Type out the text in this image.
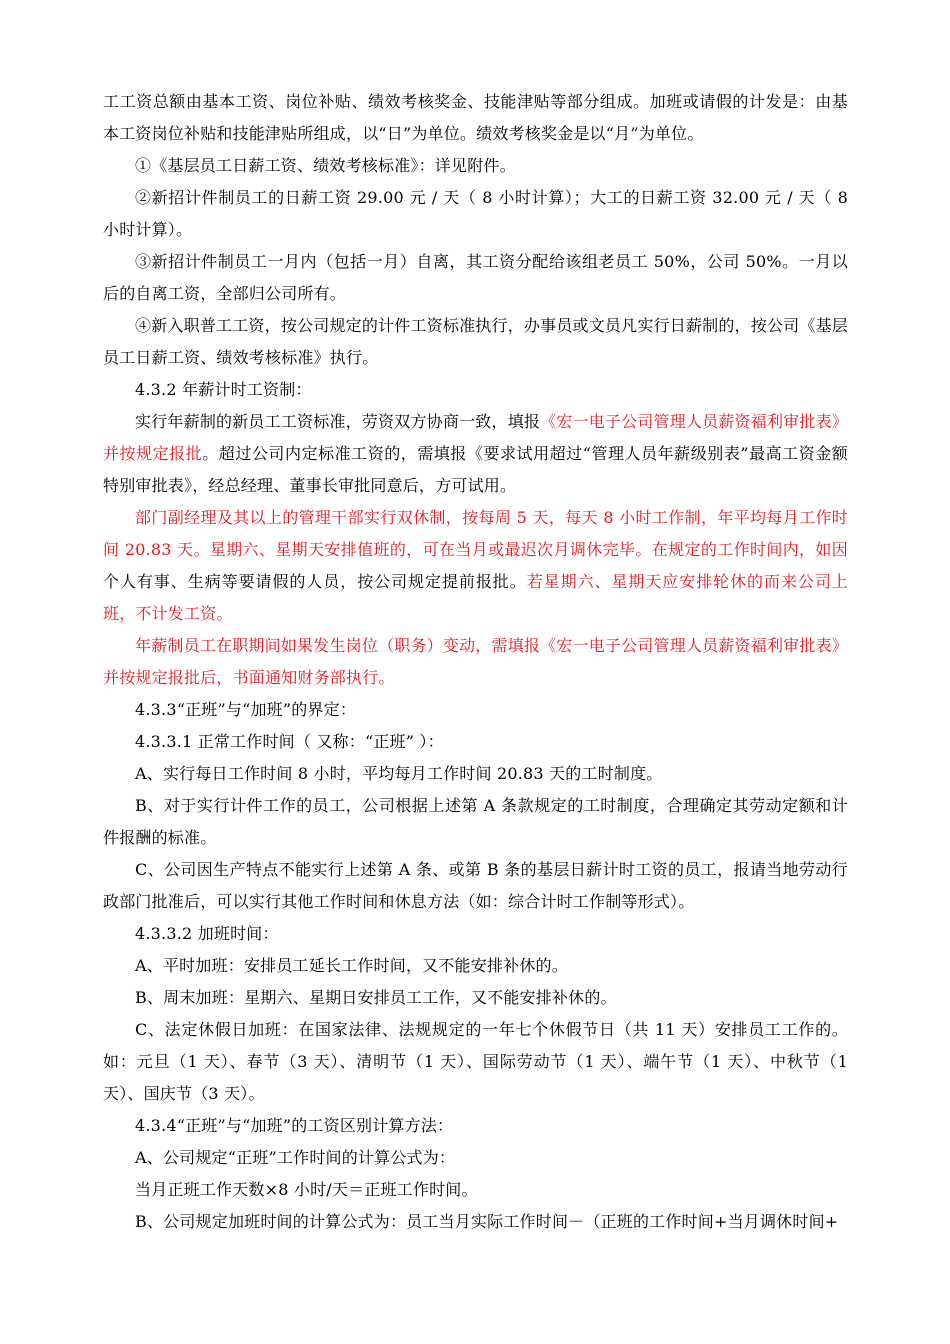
工工资总额由基本工资、岗位补贴、绩效考核奖金、技能津贴等部分组成。加班或请假的计发是：由基本工资岗位补贴和技能津贴所组成，以“日”为单位。绩效考核奖金是以“月”为单位。
①《基层员工日薪工资、绩效考核标准》：详见附件。
②新招计件制员工的日薪工资 29.00 元 / 天（ 8 小时计算）；大工的日薪工资 32.00 元 / 天（ 8 小时计算）。
③新招计件制员工一月内（包括一月）自离，其工资分配给该组老员工 50%，公司 50%。一月以后的自离工资，全部归公司所有。
④新入职普工工资，按公司规定的计件工资标准执行，办事员或文员凡实行日薪制的，按公司《基层员工日薪工资、绩效考核标准》执行。
4.3.2 年薪计时工资制：
实行年薪制的新员工工资标准，劳资双方协商一致，填报《宏一电子公司管理人员薪资福利审批表》并按规定报批。超过公司内定标准工资的，需填报《要求试用超过“管理人员年薪级别表”最高工资金额特别审批表》，经总经理、董事长审批同意后，方可试用。
部门副经理及其以上的管理干部实行双休制，按每周 5 天，每天 8 小时工作制，年平均每月工作时间 20.83 天。星期六、星期天安排值班的，可在当月或最迟次月调休完毕。在规定的工作时间内，如因个人有事、生病等要请假的人员，按公司规定提前报批。若星期六、星期天应安排轮休的而来公司上班，不计发工资。
年薪制员工在职期间如果发生岗位（职务）变动，需填报《宏一电子公司管理人员薪资福利审批表》并按规定报批后，书面通知财务部执行。
4.3.3“正班”与“加班”的界定：
4.3.3.1 正常工作时间（ 又称：“正班” ）：
A、实行每日工作时间 8 小时，平均每月工作时间 20.83 天的工时制度。
B、对于实行计件工作的员工，公司根据上述第 A 条款规定的工时制度，合理确定其劳动定额和计件报酬的标准。
C、公司因生产特点不能实行上述第 A 条、或第 B 条的基层日薪计时工资的员工，报请当地劳动行政部门批准后，可以实行其他工作时间和休息方法（如：综合计时工作制等形式）。
4.3.3.2 加班时间：
A、平时加班：安排员工延长工作时间，又不能安排补休的。
B、周末加班：星期六、星期日安排员工工作，又不能安排补休的。
C、法定休假日加班：在国家法律、法规规定的一年七个休假节日（共 11 天）安排员工工作的。如：元旦（1 天）、春节（3 天）、清明节（1 天）、国际劳动节（1 天）、端午节（1 天）、中秋节（1 天）、国庆节（3 天）。
4.3.4“正班”与“加班”的工资区别计算方法：
A、公司规定“正班”工作时间的计算公式为：
当月正班工作天数×8 小时/天＝正班工作时间。
B、公司规定加班时间的计算公式为：员工当月实际工作时间－（正班的工作时间+当月调休时间+
